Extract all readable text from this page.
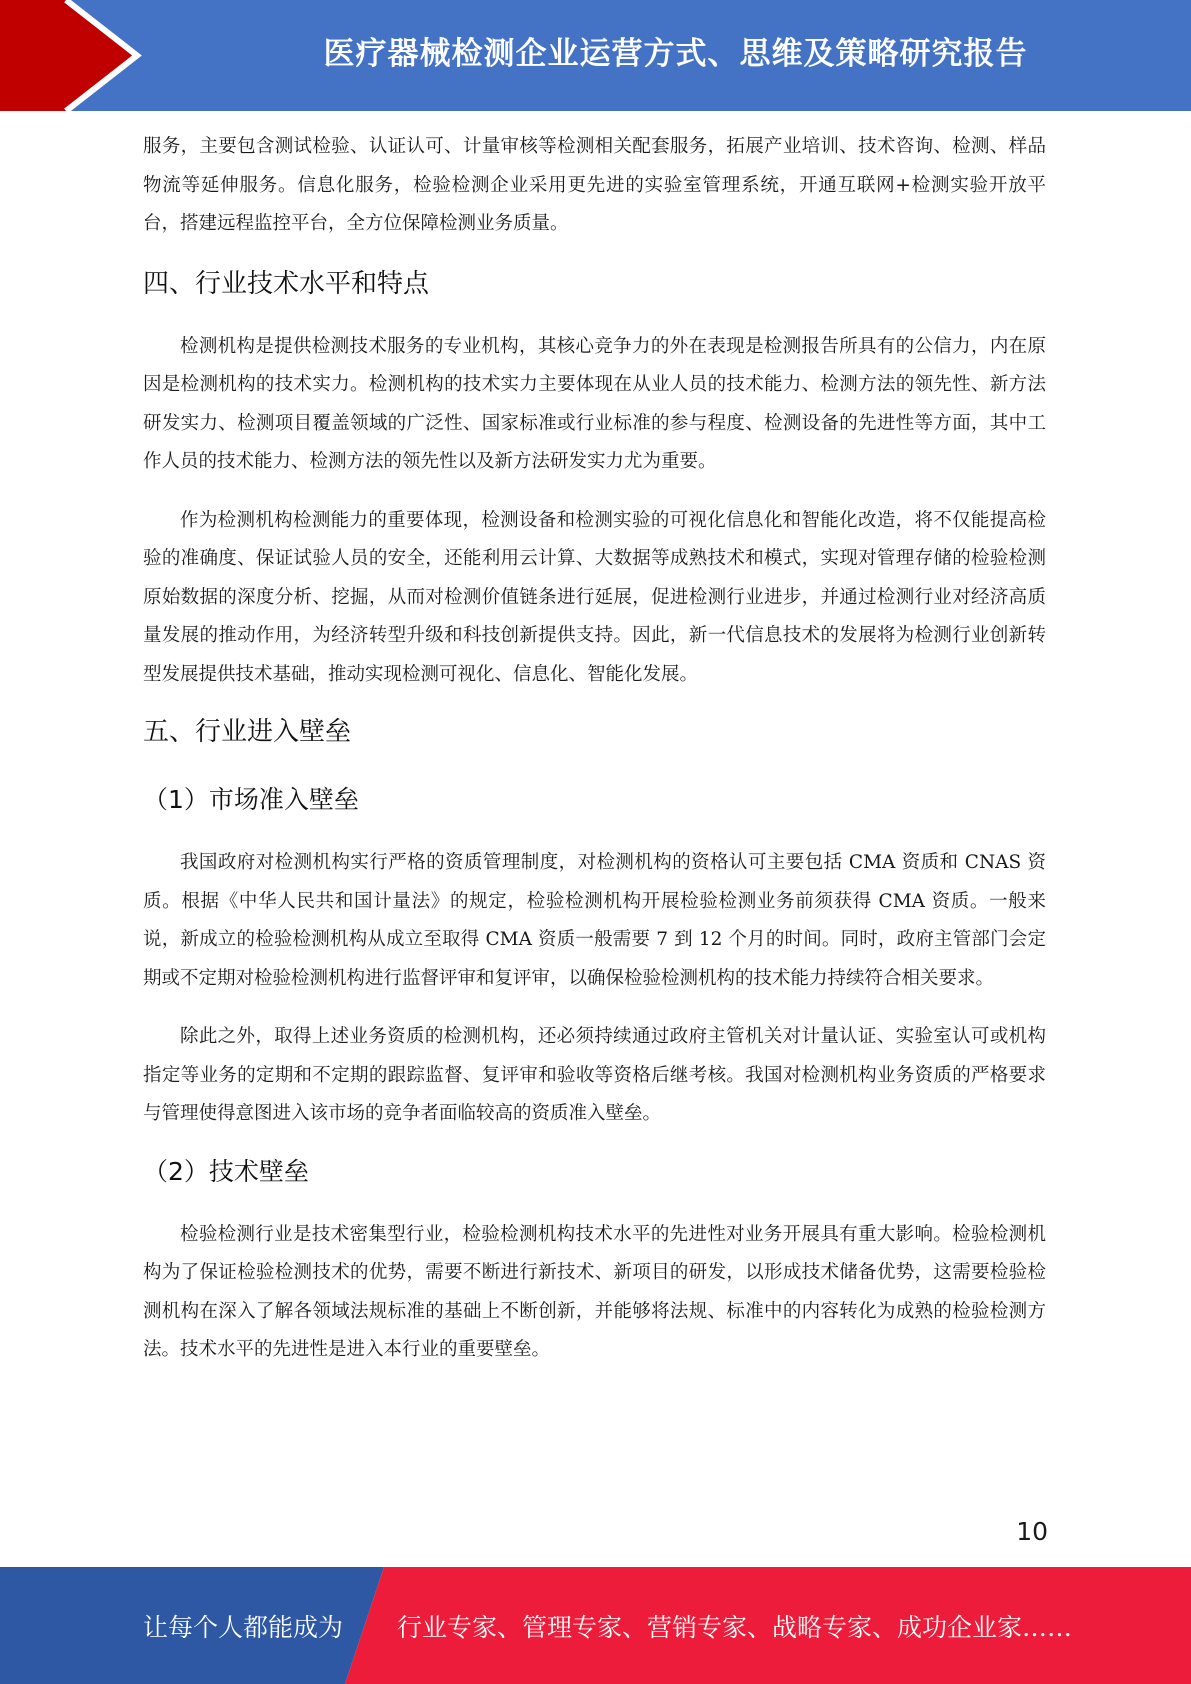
医疗器械检测企业运营方式、思维及策略研究报告

服务，主要包含测试检验、认证认可、计量审核等检测相关配套服务，拓展产业培训、技术咨询、检测、样品物流等延伸服务。信息化服务，检验检测企业采用更先进的实验室管理系统，开通互联网+检测实验开放平台，搭建远程监控平台，全方位保障检测业务质量。

四、行业技术水平和特点

检测机构是提供检测技术服务的专业机构，其核心竞争力的外在表现是检测报告所具有的公信力，内在原因是检测机构的技术实力。检测机构的技术实力主要体现在从业人员的技术能力、检测方法的领先性、新方法研发实力、检测项目覆盖领域的广泛性、国家标准或行业标准的参与程度、检测设备的先进性等方面，其中工作人员的技术能力、检测方法的领先性以及新方法研发实力尤为重要。

作为检测机构检测能力的重要体现，检测设备和检测实验的可视化信息化和智能化改造，将不仅能提高检验的准确度、保证试验人员的安全，还能利用云计算、大数据等成熟技术和模式，实现对管理存储的检验检测原始数据的深度分析、挖掘，从而对检测价值链条进行延展，促进检测行业进步，并通过检测行业对经济高质量发展的推动作用，为经济转型升级和科技创新提供支持。因此，新一代信息技术的发展将为检测行业创新转型发展提供技术基础，推动实现检测可视化、信息化、智能化发展。

五、行业进入壁垒
（1）市场准入壁垒

我国政府对检测机构实行严格的资质管理制度，对检测机构的资格认可主要包括 CMA 资质和 CNAS 资质。根据《中华人民共和国计量法》的规定，检验检测机构开展检验检测业务前须获得 CMA 资质。一般来说，新成立的检验检测机构从成立至取得 CMA 资质一般需要 7 到 12 个月的时间。同时，政府主管部门会定期或不定期对检验检测机构进行监督评审和复评审，以确保检验检测机构的技术能力持续符合相关要求。

除此之外，取得上述业务资质的检测机构，还必须持续通过政府主管机关对计量认证、实验室认可或机构指定等业务的定期和不定期的跟踪监督、复评审和验收等资格后继考核。我国对检测机构业务资质的严格要求与管理使得意图进入该市场的竞争者面临较高的资质准入壁垒。

（2）技术壁垒

检验检测行业是技术密集型行业，检验检测机构技术水平的先进性对业务开展具有重大影响。检验检测机构为了保证检验检测技术的优势，需要不断进行新技术、新项目的研发，以形成技术储备优势，这需要检验检测机构在深入了解各领域法规标准的基础上不断创新，并能够将法规、标准中的内容转化为成熟的检验检测方法。技术水平的先进性是进入本行业的重要壁垒。

10
让每个人都能成为 行业专家、管理专家、营销专家、战略专家、成功企业家……
